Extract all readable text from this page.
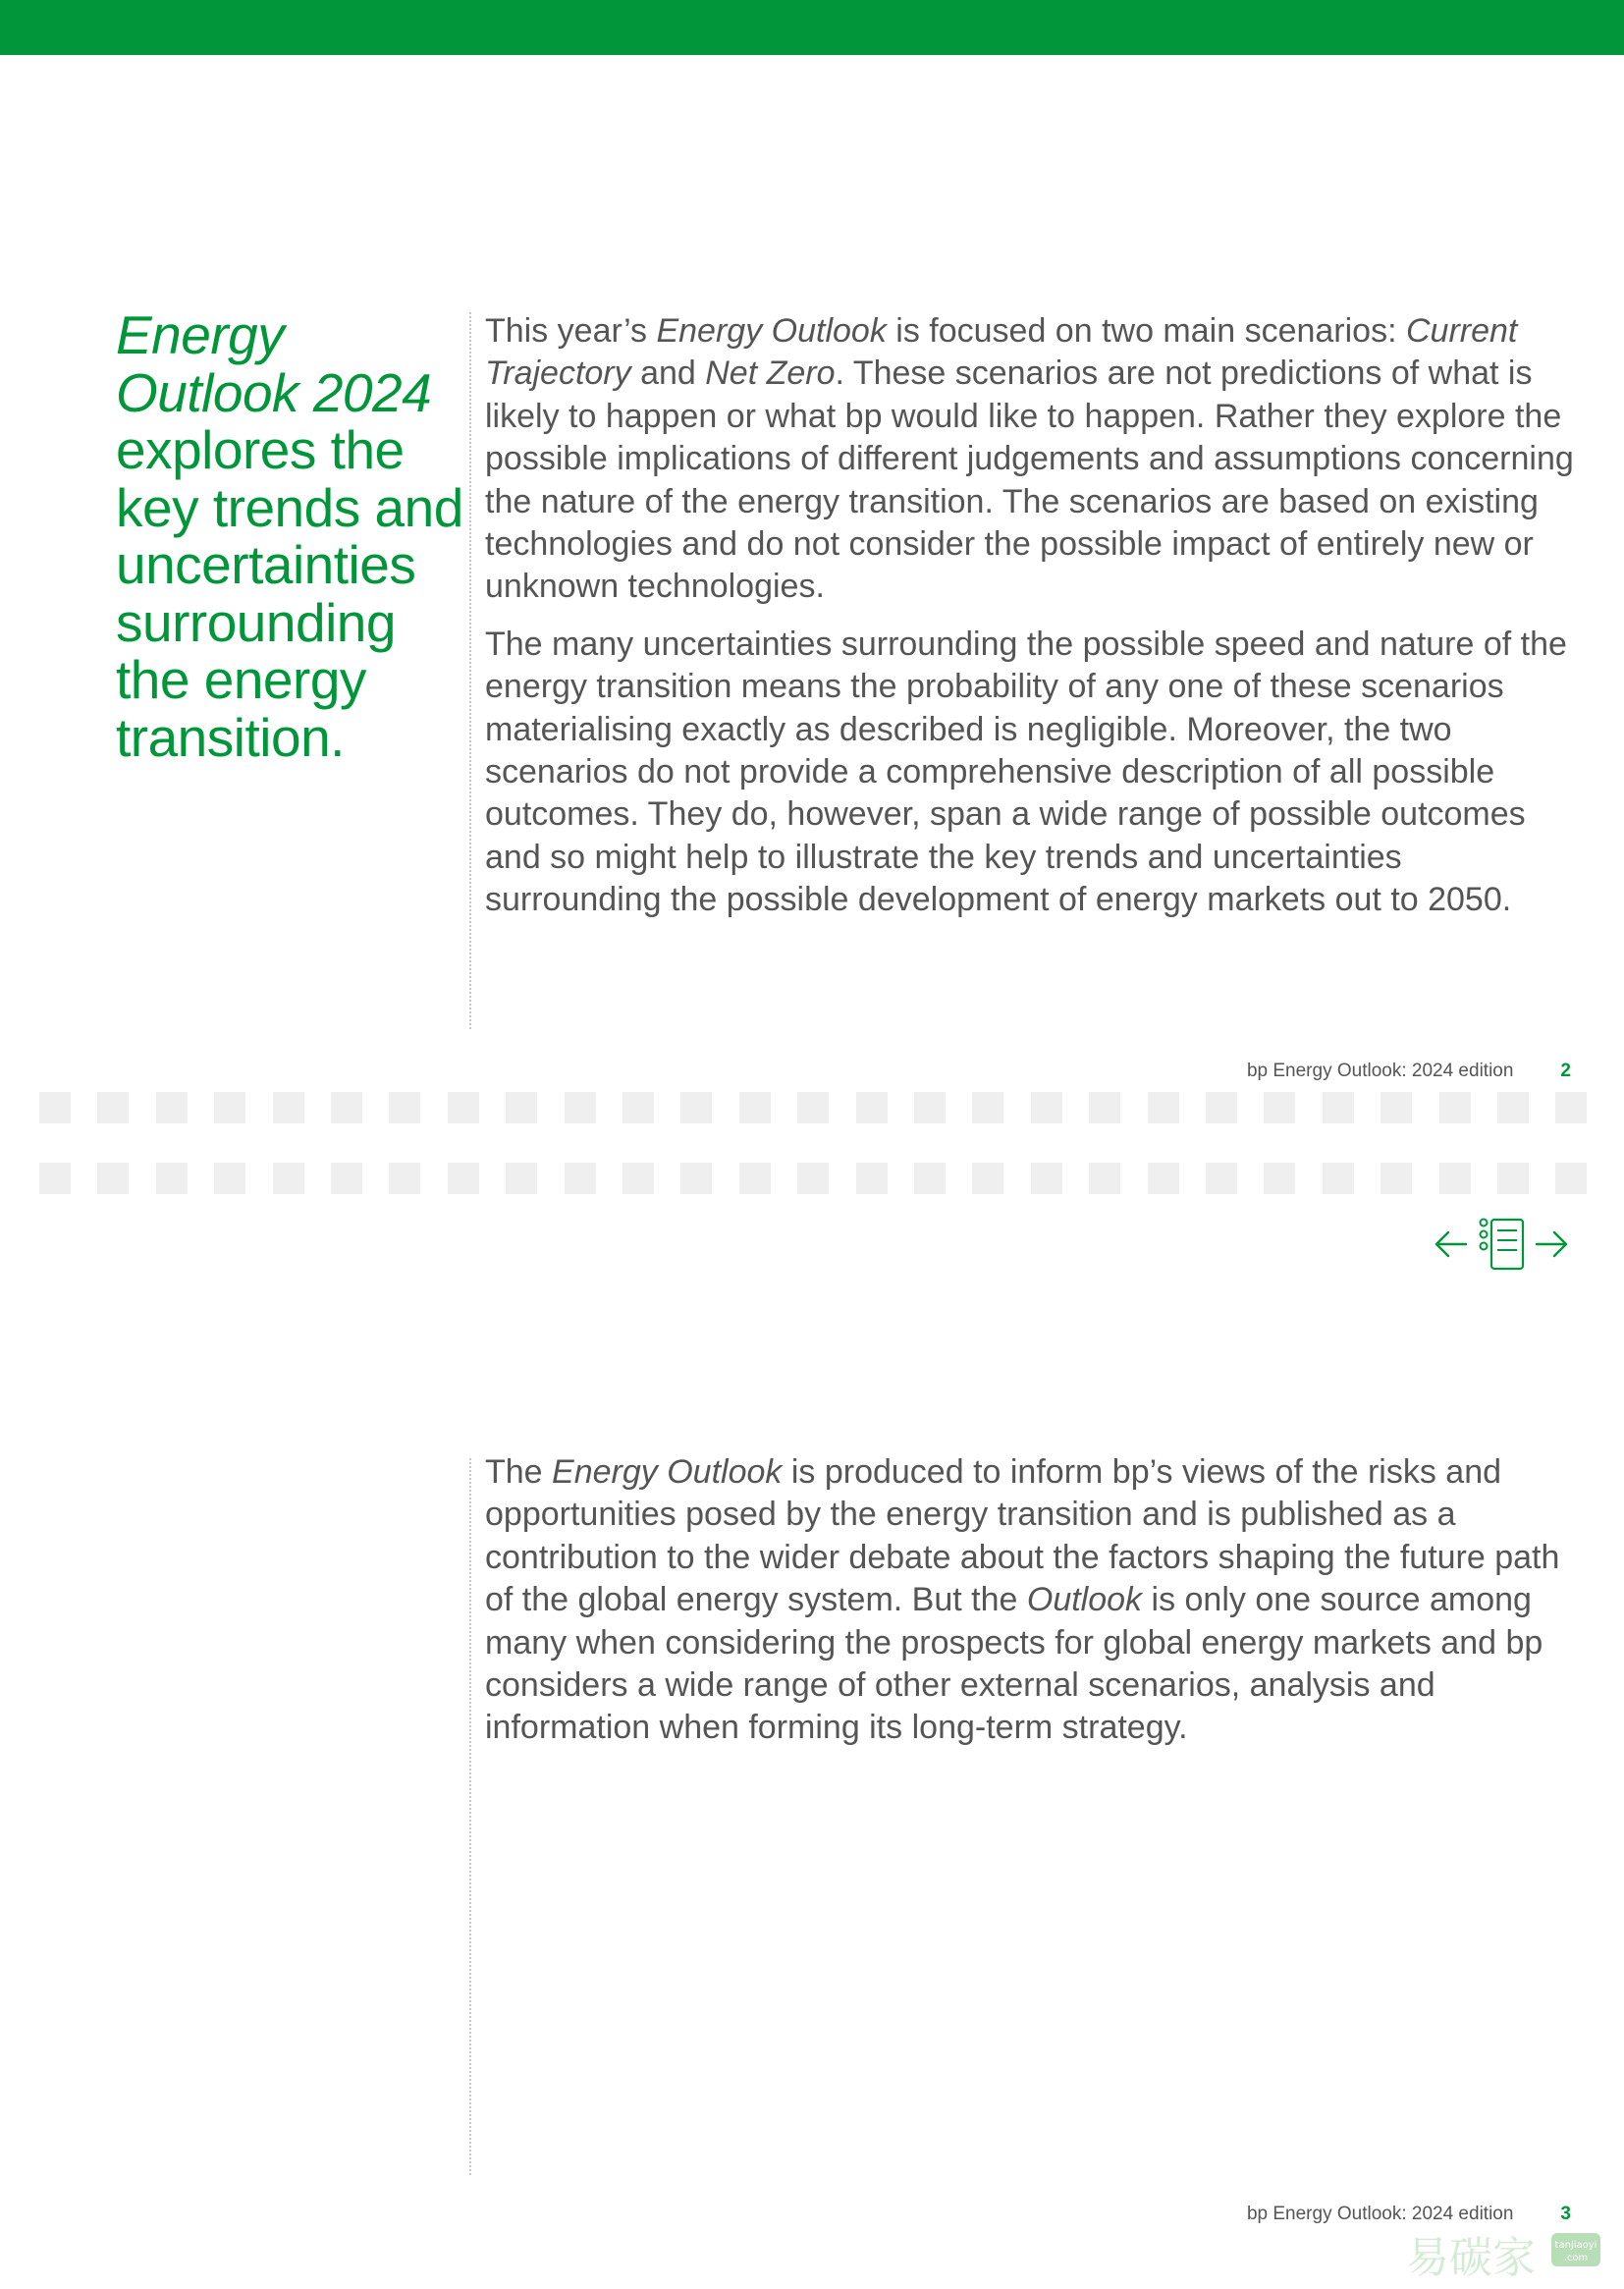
Energy Outlook 2024 explores the key trends and uncertainties surrounding the energy transition.

This year’s Energy Outlook is focused on two main scenarios: Current Trajectory and Net Zero. These scenarios are not predictions of what is likely to happen or what bp would like to happen. Rather they explore the possible implications of different judgements and assumptions concerning the nature of the energy transition. The scenarios are based on existing technologies and do not consider the possible impact of entirely new or unknown technologies.

The many uncertainties surrounding the possible speed and nature of the energy transition means the probability of any one of these scenarios materialising exactly as described is negligible. Moreover, the two scenarios do not provide a comprehensive description of all possible outcomes. They do, however, span a wide range of possible outcomes and so might help to illustrate the key trends and uncertainties surrounding the possible development of energy markets out to 2050.

bp Energy Outlook: 2024 edition	2

The Energy Outlook is produced to inform bp’s views of the risks and opportunities posed by the energy transition and is published as a contribution to the wider debate about the factors shaping the future path of the global energy system. But the Outlook is only one source among many when considering the prospects for global energy markets and bp considers a wide range of other external scenarios, analysis and information when forming its long-term strategy.

bp Energy Outlook: 2024 edition	3
易碳家 tanjiaoyi
.com
